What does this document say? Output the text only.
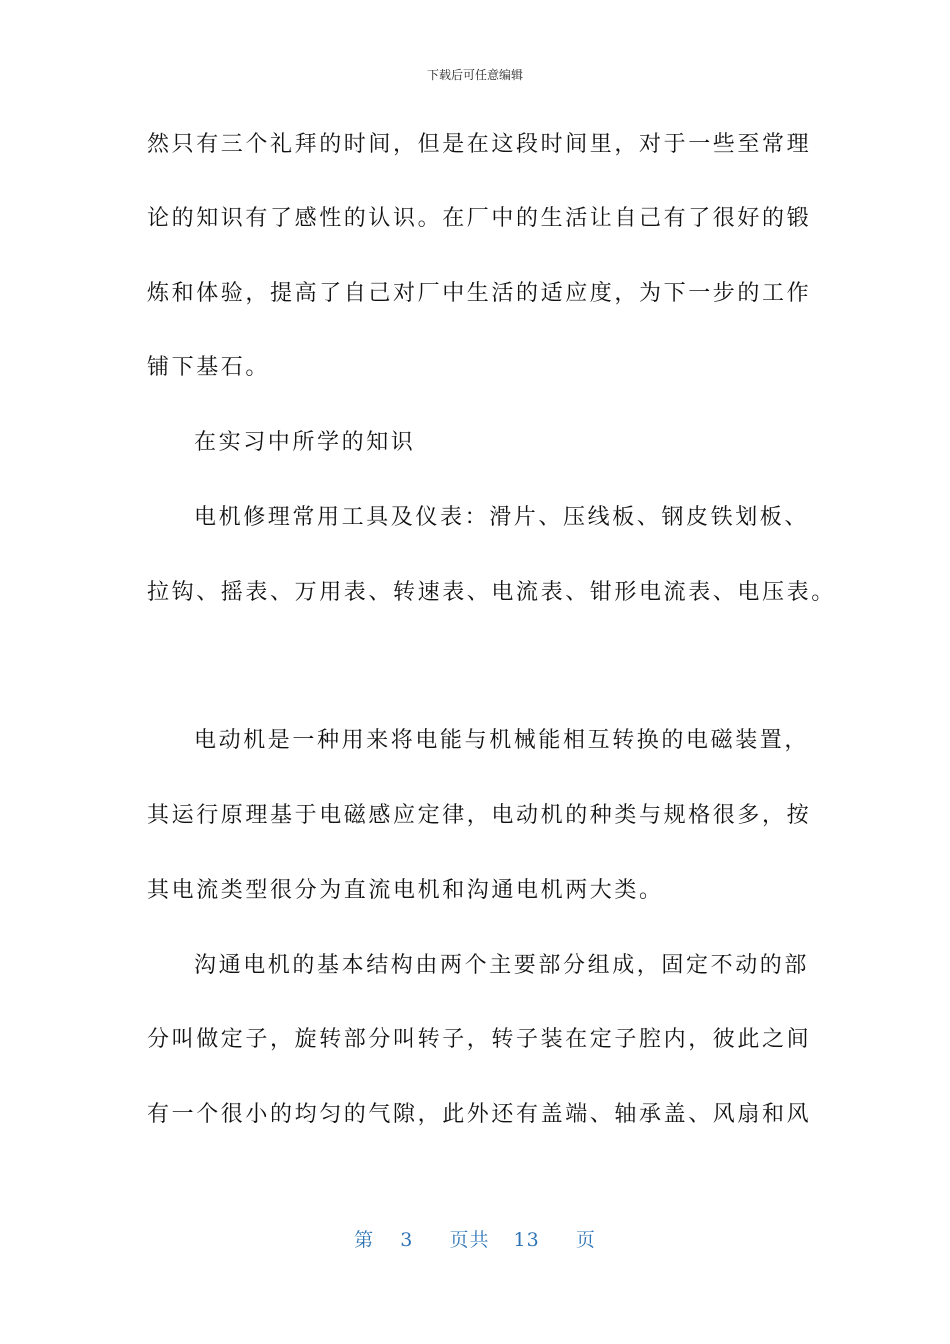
下载后可任意编辑
然只有三个礼拜的时间，但是在这段时间里，对于一些至常理
论的知识有了感性的认识。在厂中的生活让自己有了很好的锻
炼和体验，提高了自己对厂中生活的适应度，为下一步的工作
铺下基石。
在实习中所学的知识
电机修理常用工具及仪表：滑片、压线板、钢皮铁划板、
拉钩、摇表、万用表、转速表、电流表、钳形电流表、电压表。
电动机是一种用来将电能与机械能相互转换的电磁装置，
其运行原理基于电磁感应定律，电动机的种类与规格很多，按
其电流类型很分为直流电机和沟通电机两大类。
沟通电机的基本结构由两个主要部分组成，固定不动的部
分叫做定子，旋转部分叫转子，转子装在定子腔内，彼此之间
有一个很小的均匀的气隙，此外还有盖端、轴承盖、风扇和风
第 3 页共 13 页
